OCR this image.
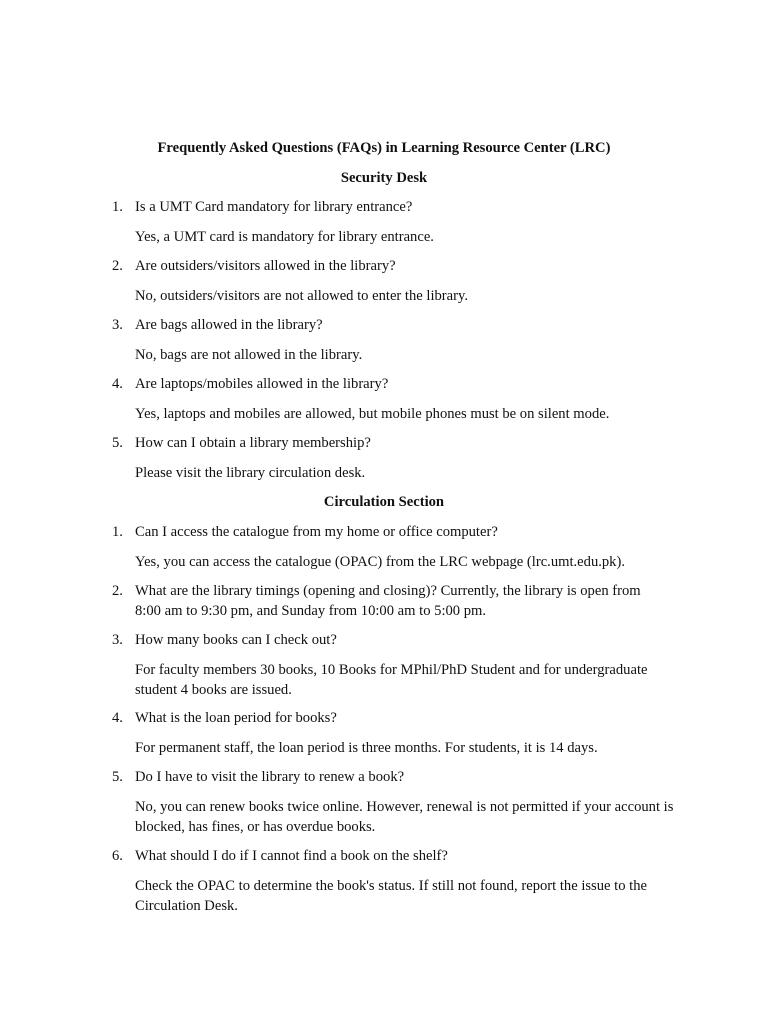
Frequently Asked Questions (FAQs) in Learning Resource Center (LRC)
Security Desk
1. Is a UMT Card mandatory for library entrance?
Yes, a UMT card is mandatory for library entrance.
2. Are outsiders/visitors allowed in the library?
No, outsiders/visitors are not allowed to enter the library.
3. Are bags allowed in the library?
No, bags are not allowed in the library.
4. Are laptops/mobiles allowed in the library?
Yes, laptops and mobiles are allowed, but mobile phones must be on silent mode.
5. How can I obtain a library membership?
Please visit the library circulation desk.
Circulation Section
1. Can I access the catalogue from my home or office computer?
Yes, you can access the catalogue (OPAC) from the LRC webpage (lrc.umt.edu.pk).
2. What are the library timings (opening and closing)? Currently, the library is open from 8:00 am to 9:30 pm, and Sunday from 10:00 am to 5:00 pm.
3. How many books can I check out?
For faculty members 30 books, 10 Books for MPhil/PhD Student and for undergraduate student 4 books are issued.
4. What is the loan period for books?
For permanent staff, the loan period is three months. For students, it is 14 days.
5. Do I have to visit the library to renew a book?
No, you can renew books twice online. However, renewal is not permitted if your account is blocked, has fines, or has overdue books.
6. What should I do if I cannot find a book on the shelf?
Check the OPAC to determine the book's status. If still not found, report the issue to the Circulation Desk.
